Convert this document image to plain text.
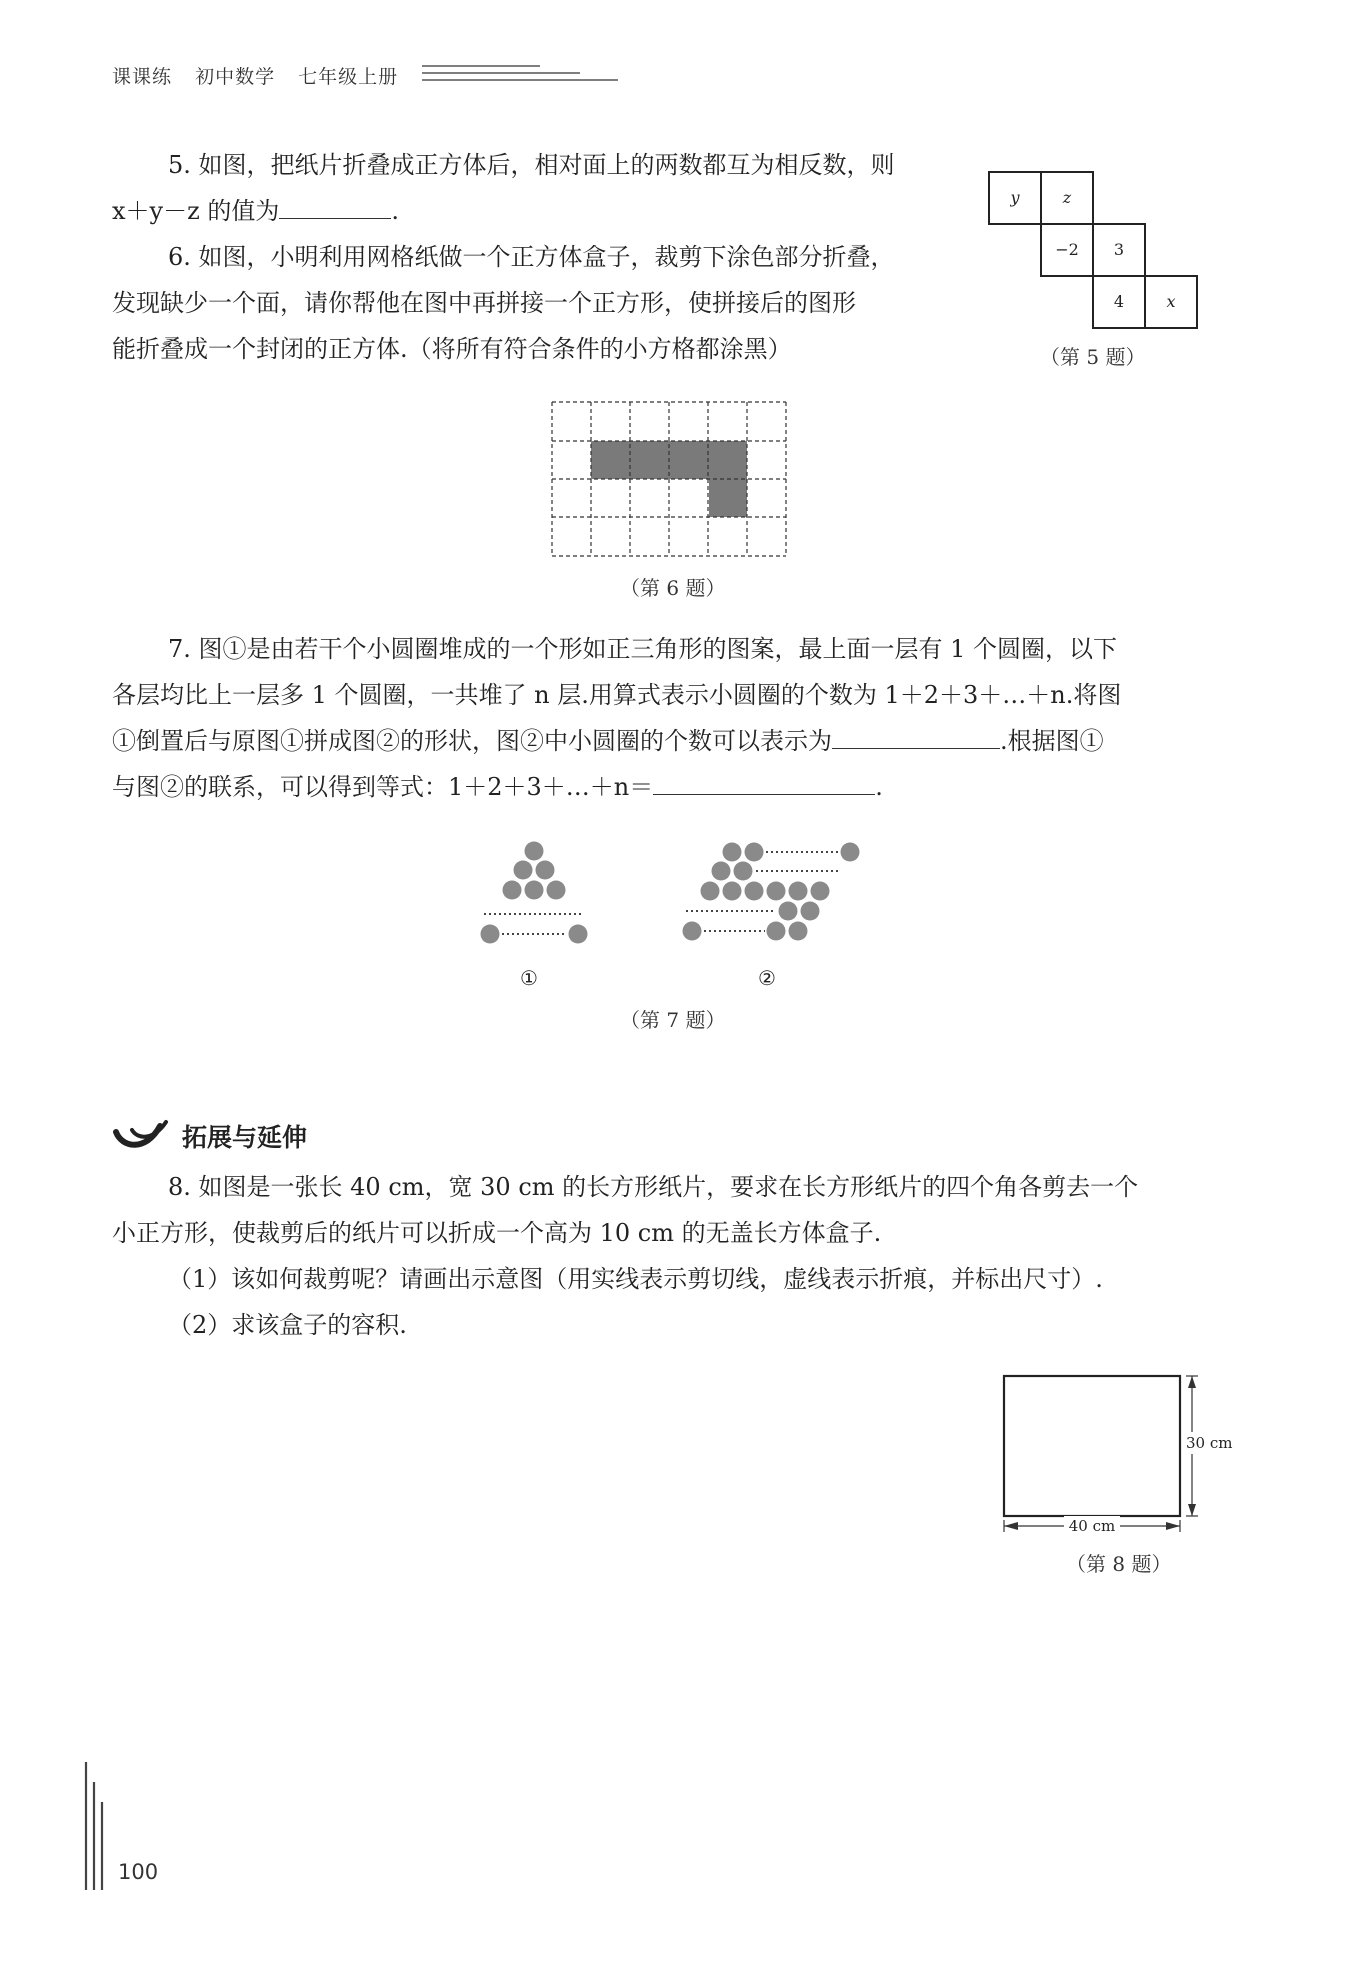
课课练 初中数学 七年级上册
5. 如图，把纸片折叠成正方体后，相对面上的两数都互为相反数，则
x＋y－z 的值为	.	y	z
−2 3
4	x
（第 5 题）
6. 如图，小明利用网格纸做一个正方体盒子，裁剪下涂色部分折叠，
发现缺少一个面，请你帮他在图中再拼接一个正方形，使拼接后的图形
能折叠成一个封闭的正方体.（将所有符合条件的小方格都涂黑）
（第 6 题）
7. 图①是由若干个小圆圈堆成的一个形如正三角形的图案，最上面一层有 1 个圆圈，以下
各层均比上一层多 1 个圆圈，一共堆了 n 层.用算式表示小圆圈的个数为 1＋2＋3＋…＋n.将图
①倒置后与原图①拼成图②的形状，图②中小圆圈的个数可以表示为	.根据图①
与图②的联系，可以得到等式：1＋2＋3＋…＋n＝	.
①	②
（第 7 题）
拓展与延伸
8. 如图是一张长 40 cm，宽 30 cm 的长方形纸片，要求在长方形纸片的四个角各剪去一个
小正方形，使裁剪后的纸片可以折成一个高为 10 cm 的无盖长方体盒子.
（1）该如何裁剪呢？请画出示意图（用实线表示剪切线，虚线表示折痕，并标出尺寸）.
（2）求该盒子的容积.
30 cm
40 cm
（第 8 题）
100
